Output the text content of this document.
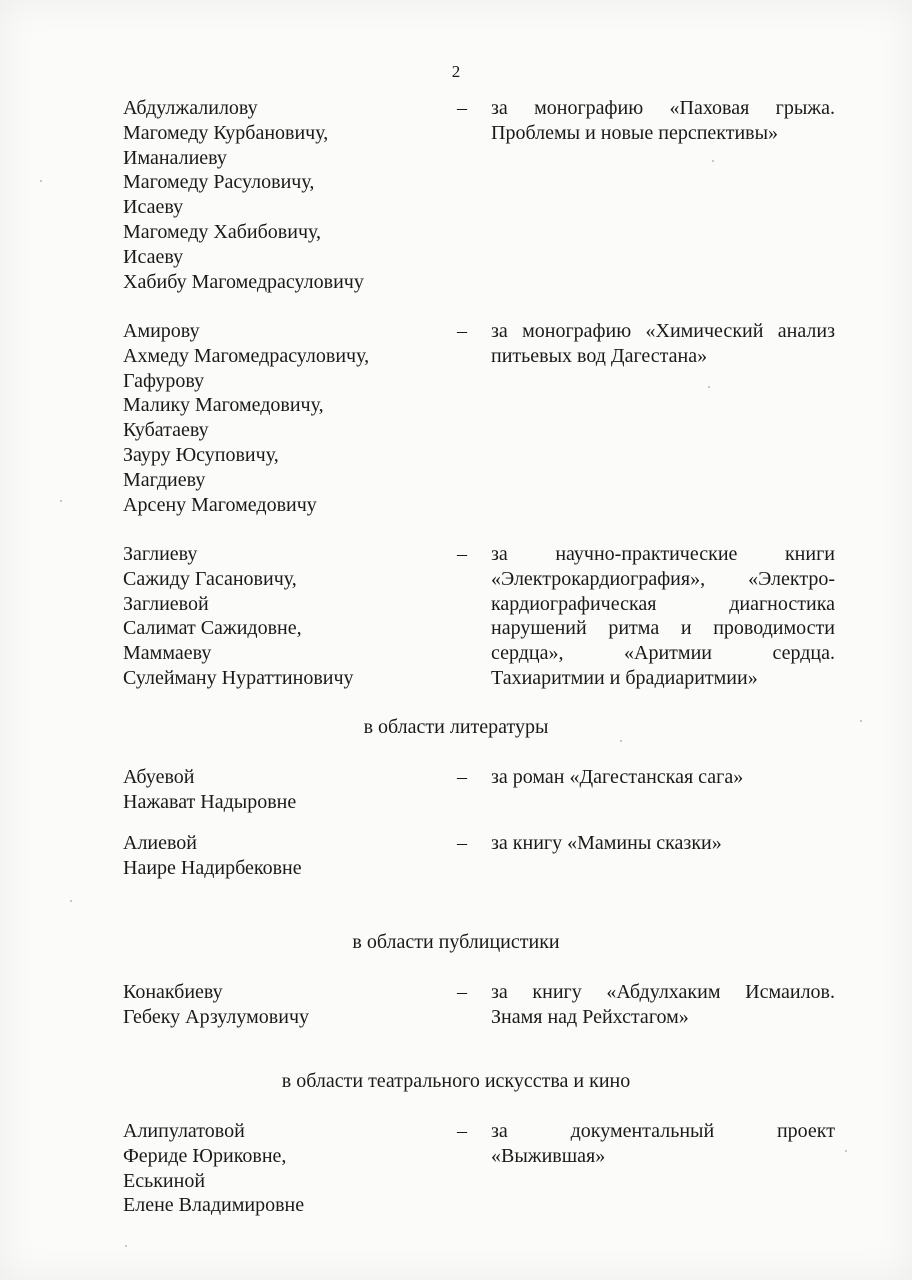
2
Абдулжалилову
Магомеду Курбановичу,
Иманалиеву
Магомеду Расуловичу,
Исаеву
Магомеду Хабибовичу,
Исаеву
Хабибу Магомедрасуловичу
– за монографию «Паховая грыжа.
Проблемы и новые перспективы»
Амирову
Ахмеду Магомедрасуловичу,
Гафурову
Малику Магомедовичу,
Кубатаеву
Зауру Юсуповичу,
Магдиеву
Арсену Магомедовичу
– за монографию «Химический анализ
питьевых вод Дагестана»
Заглиеву
Сажиду Гасановичу,
Заглиевой
Салимат Сажидовне,
Маммаеву
Сулейману Нураттиновичу
– за научно-практические книги
«Электрокардиография», «Электро-
кардиографическая диагностика
нарушений ритма и проводимости
сердца», «Аритмии сердца.
Тахиаритмии и брадиаритмии»
в области литературы
Абуевой
Нажават Надыровне
– за роман «Дагестанская сага»
Алиевой
Наире Надирбековне
– за книгу «Мамины сказки»
в области публицистики
Конакбиеву
Гебеку Арзулумовичу
– за книгу «Абдулхаким Исмаилов.
Знамя над Рейхстагом»
в области театрального искусства и кино
Алипулатовой
Фериде Юриковне,
Еськиной
Елене Владимировне
– за документальный проект
«Выжившая»
